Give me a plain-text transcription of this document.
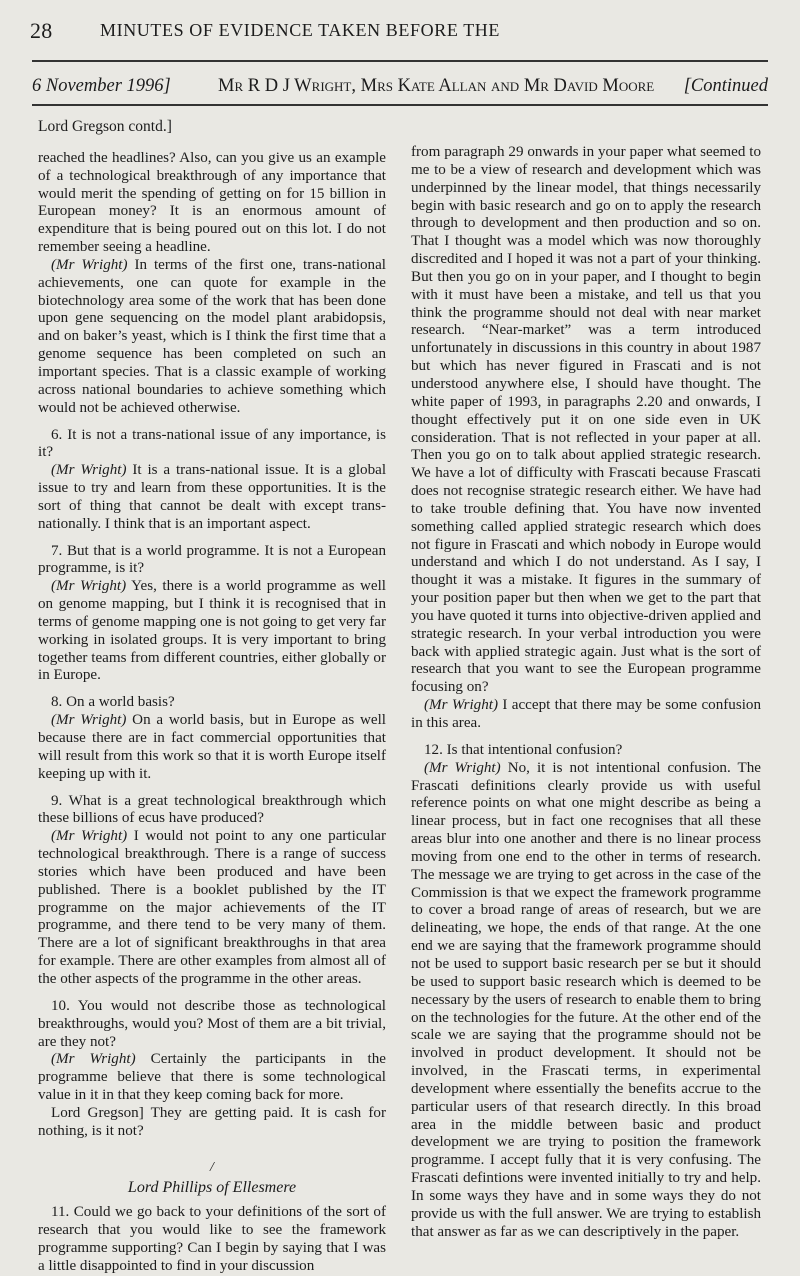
28	MINUTES OF EVIDENCE TAKEN BEFORE THE
6 November 1996]	Mr R D J Wright, Mrs Kate Allan and Mr David Moore [Continued
Lord Gregson contd.]

reached the headlines? Also, can you give us an example of a technological breakthrough of any importance that would merit the spending of getting on for 15 billion in European money? It is an enormous amount of expenditure that is being poured out on this lot. I do not remember seeing a headline.

(Mr Wright) In terms of the first one, trans-national achievements, one can quote for example in the biotechnology area some of the work that has been done upon gene sequencing on the model plant arabidopsis, and on baker’s yeast, which is I think the first time that a genome sequence has been completed on such an important species. That is a classic example of working across national boundaries to achieve something which would not be achieved otherwise.

6. It is not a trans-national issue of any importance, is it?

(Mr Wright) It is a trans-national issue. It is a global issue to try and learn from these opportunities. It is the sort of thing that cannot be dealt with except trans-nationally. I think that is an important aspect.

7. But that is a world programme. It is not a European programme, is it?

(Mr Wright) Yes, there is a world programme as well on genome mapping, but I think it is recognised that in terms of genome mapping one is not going to get very far working in isolated groups. It is very important to bring together teams from different countries, either globally or in Europe.

8. On a world basis?

(Mr Wright) On a world basis, but in Europe as well because there are in fact commercial opportunities that will result from this work so that it is worth Europe itself keeping up with it.

9. What is a great technological breakthrough which these billions of ecus have produced?

(Mr Wright) I would not point to any one particular technological breakthrough. There is a range of success stories which have been produced and have been published. There is a booklet published by the IT programme on the major achievements of the IT programme, and there tend to be very many of them. There are a lot of significant breakthroughs in that area for example. There are other examples from almost all of the other aspects of the programme in the other areas.

10. You would not describe those as technological breakthroughs, would you? Most of them are a bit trivial, are they not?

(Mr Wright) Certainly the participants in the programme believe that there is some technological value in it in that they keep coming back for more.

Lord Gregson] They are getting paid. It is cash for nothing, is it not?

/
Lord Phillips of Ellesmere

11. Could we go back to your definitions of the sort of research that you would like to see the framework programme supporting? Can I begin by saying that I was a little disappointed to find in your discussion

from paragraph 29 onwards in your paper what seemed to me to be a view of research and development which was underpinned by the linear model, that things necessarily begin with basic research and go on to apply the research through to development and then production and so on. That I thought was a model which was now thoroughly discredited and I hoped it was not a part of your thinking. But then you go on in your paper, and I thought to begin with it must have been a mistake, and tell us that you think the programme should not deal with near market research. “Near-market” was a term introduced unfortunately in discussions in this country in about 1987 but which has never figured in Frascati and is not understood anywhere else, I should have thought. The white paper of 1993, in paragraphs 2.20 and onwards, I thought effectively put it on one side even in UK consideration. That is not reflected in your paper at all. Then you go on to talk about applied strategic research. We have a lot of difficulty with Frascati because Frascati does not recognise strategic research either. We have had to take trouble defining that. You have now invented something called applied strategic research which does not figure in Frascati and which nobody in Europe would understand and which I do not understand. As I say, I thought it was a mistake. It figures in the summary of your position paper but then when we get to the part that you have quoted it turns into objective-driven applied and strategic research. In your verbal introduction you were back with applied strategic again. Just what is the sort of research that you want to see the European programme focusing on?

(Mr Wright) I accept that there may be some confusion in this area.

12. Is that intentional confusion?

(Mr Wright) No, it is not intentional confusion. The Frascati definitions clearly provide us with useful reference points on what one might describe as being a linear process, but in fact one recognises that all these areas blur into one another and there is no linear process moving from one end to the other in terms of research. The message we are trying to get across in the case of the Commission is that we expect the framework programme to cover a broad range of areas of research, but we are delineating, we hope, the ends of that range. At the one end we are saying that the framework programme should not be used to support basic research per se but it should be used to support basic research which is deemed to be necessary by the users of research to enable them to bring on the technologies for the future. At the other end of the scale we are saying that the programme should not be involved in product development. It should not be involved, in the Frascati terms, in experimental development where essentially the benefits accrue to the particular users of that research directly. In this broad area in the middle between basic and product development we are trying to position the framework programme. I accept fully that it is very confusing. The Frascati defintions were invented initially to try and help. In some ways they have and in some ways they do not provide us with the full answer. We are trying to establish that answer as far as we can descriptively in the paper.
